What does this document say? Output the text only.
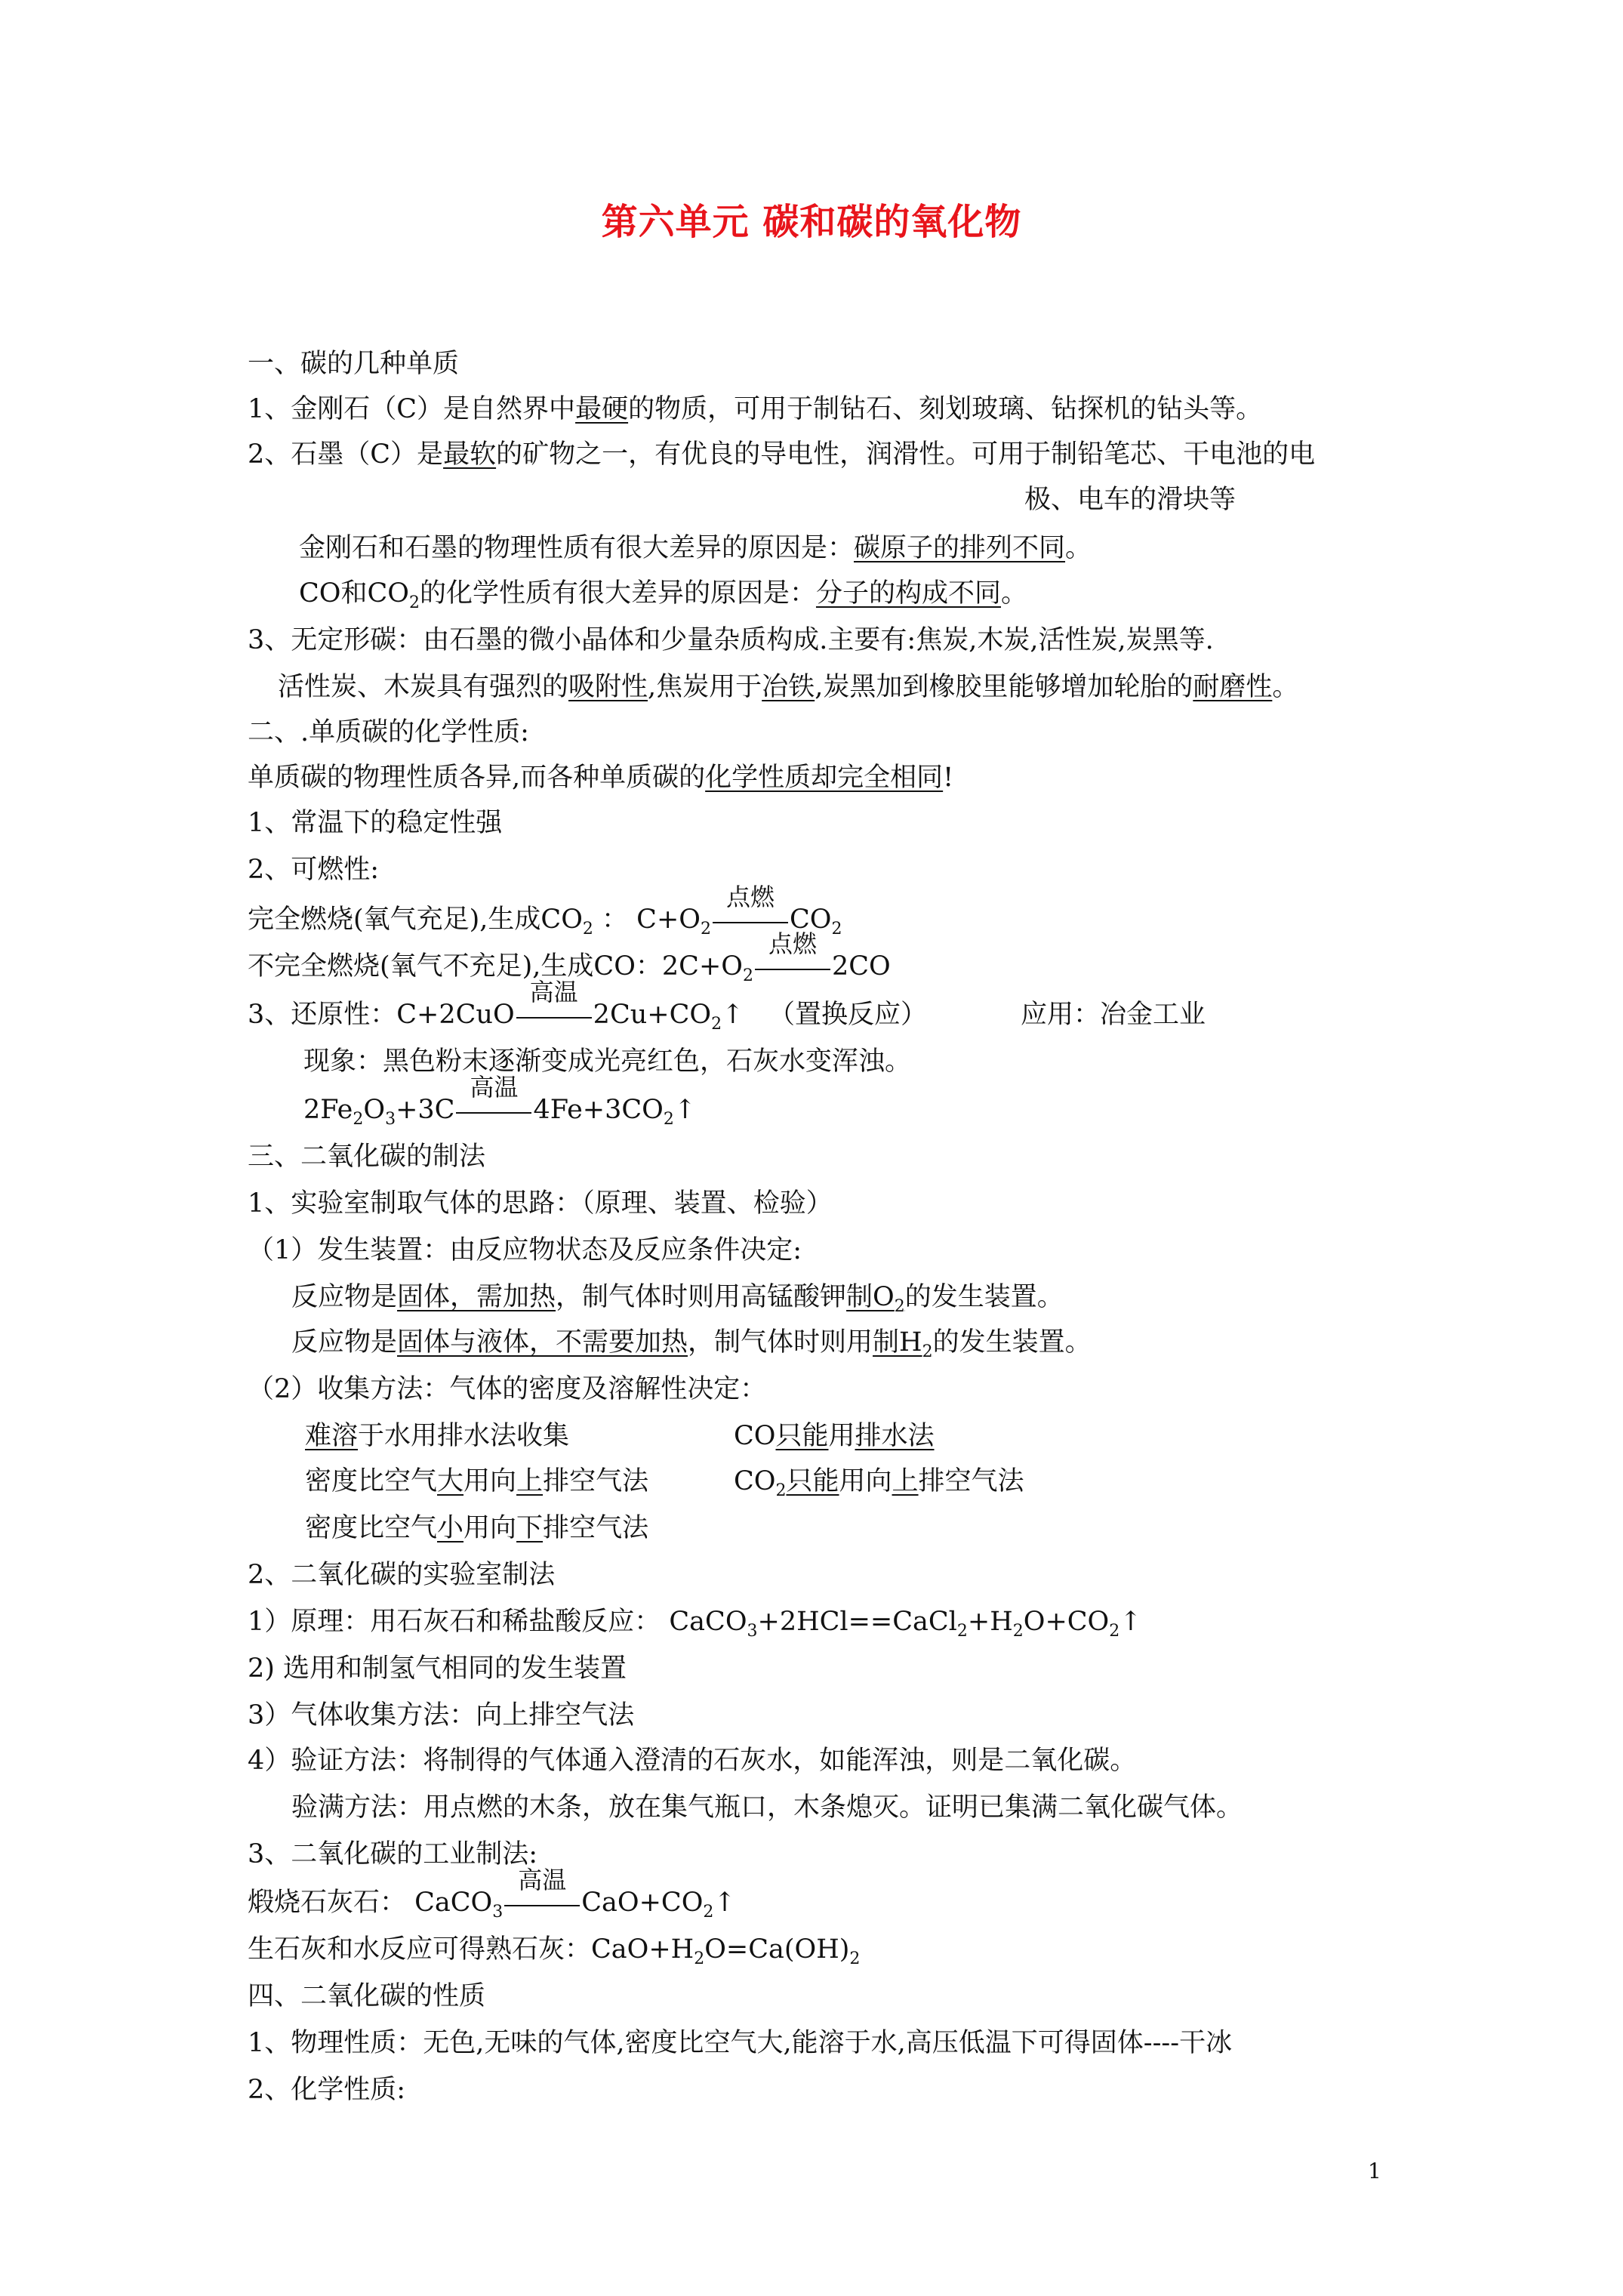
第六单元 碳和碳的氧化物
一、碳的几种单质
1、金刚石（C）是自然界中最硬的物质，可用于制钻石、刻划玻璃、钻探机的钻头等。
2、石墨（C）是最软的矿物之一，有优良的导电性，润滑性。可用于制铅笔芯、干电池的电
极、电车的滑块等
金刚石和石墨的物理性质有很大差异的原因是：碳原子的排列不同。
CO和$CO_2$的化学性质有很大差异的原因是：分子的构成不同。
3、无定形碳：由石墨的微小晶体和少量杂质构成.主要有:焦炭,木炭,活性炭,炭黑等.
活性炭、木炭具有强烈的吸附性,焦炭用于冶铁,炭黑加到橡胶里能够增加轮胎的耐磨性。
二、.单质碳的化学性质:
单质碳的物理性质各异,而各种单质碳的化学性质却完全相同!
1、常温下的稳定性强
2、可燃性:
完全燃烧(氧气充足),生成$CO_2$ ： $C+O_2$
点燃
$CO_2$
不完全燃烧(氧气不充足),生成CO：$2C+O_2$
点燃
2CO
3、还原性：C+2CuO
高温
$2Cu+CO_2↑$ （置换反应）	应用：冶金工业
现象：黑色粉末逐渐变成光亮红色，石灰水变浑浊。
$2Fe_2O_3+3C$
高温
$4Fe+3CO_2↑$
三、二氧化碳的制法
1、实验室制取气体的思路：（原理、装置、检验）
（1）发生装置：由反应物状态及反应条件决定:
反应物是固体，需加热，制气体时则用高锰酸钾制$O_2$的发生装置。
反应物是固体与液体，不需要加热，制气体时则用制$H_2$的发生装置。
（2）收集方法：气体的密度及溶解性决定：
难溶于水用排水法收集	CO只能用排水法
密度比空气大用向上排空气法	$CO_2$只能用向上排空气法
密度比空气小用向下排空气法
2、二氧化碳的实验室制法
1）原理：用石灰石和稀盐酸反应： $CaCO_3+2HCl==CaCl_2+H_2O+CO_2↑$
2) 选用和制氢气相同的发生装置
3）气体收集方法：向上排空气法
4）验证方法：将制得的气体通入澄清的石灰水，如能浑浊，则是二氧化碳。
验满方法：用点燃的木条，放在集气瓶口，木条熄灭。证明已集满二氧化碳气体。
3、二氧化碳的工业制法:
煅烧石灰石： CaCO$_3$
高温
$CaO+CO_2↑$
生石灰和水反应可得熟石灰：$CaO+H_2O=Ca(OH)_2$
四、二氧化碳的性质
1、物理性质：无色,无味的气体,密度比空气大,能溶于水,高压低温下可得固体----干冰
2、化学性质:
1
